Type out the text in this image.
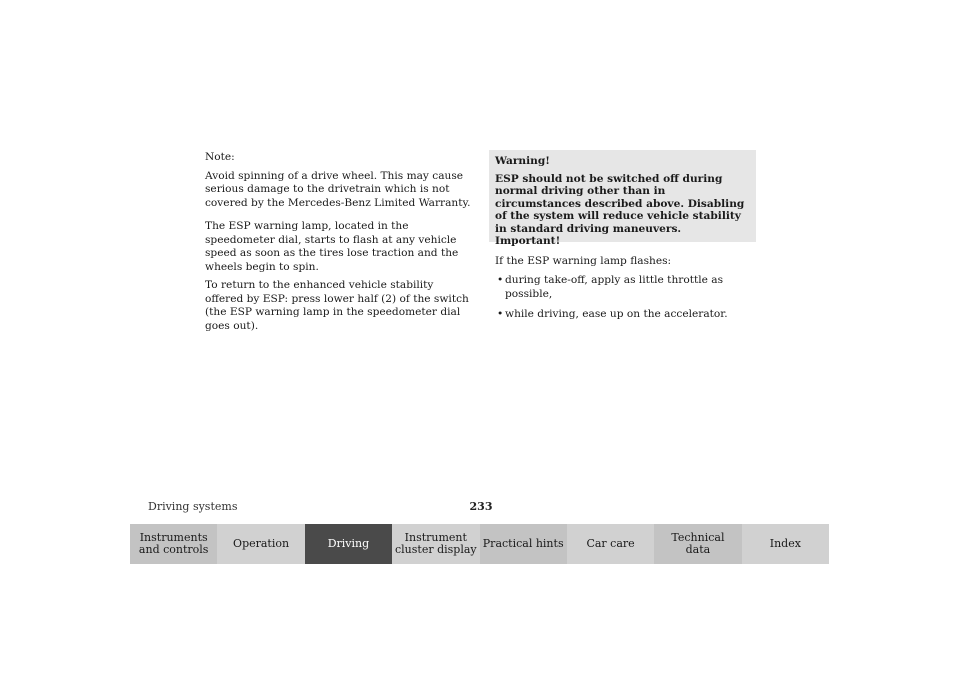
Note:

Avoid spinning of a drive wheel. This may cause serious damage to the drivetrain which is not covered by the Mercedes-Benz Limited Warranty.

The ESP warning lamp, located in the speedometer dial, starts to flash at any vehicle speed as soon as the tires lose traction and the wheels begin to spin.

To return to the enhanced vehicle stability offered by ESP: press lower half (2) of the switch (the ESP warning lamp in the speedometer dial goes out).

Warning!
ESP should not be switched off during normal driving other than in circumstances described above. Disabling of the system will reduce vehicle stability in standard driving maneuvers.

Important!

If the ESP warning lamp flashes:

• during take-off, apply as little throttle as possible,
• while driving, ease up on the accelerator.
Driving systems	233
Instruments
and controls Operation	Driving	Instrument
cluster display Practical hints Car care	Technical
data	Index
